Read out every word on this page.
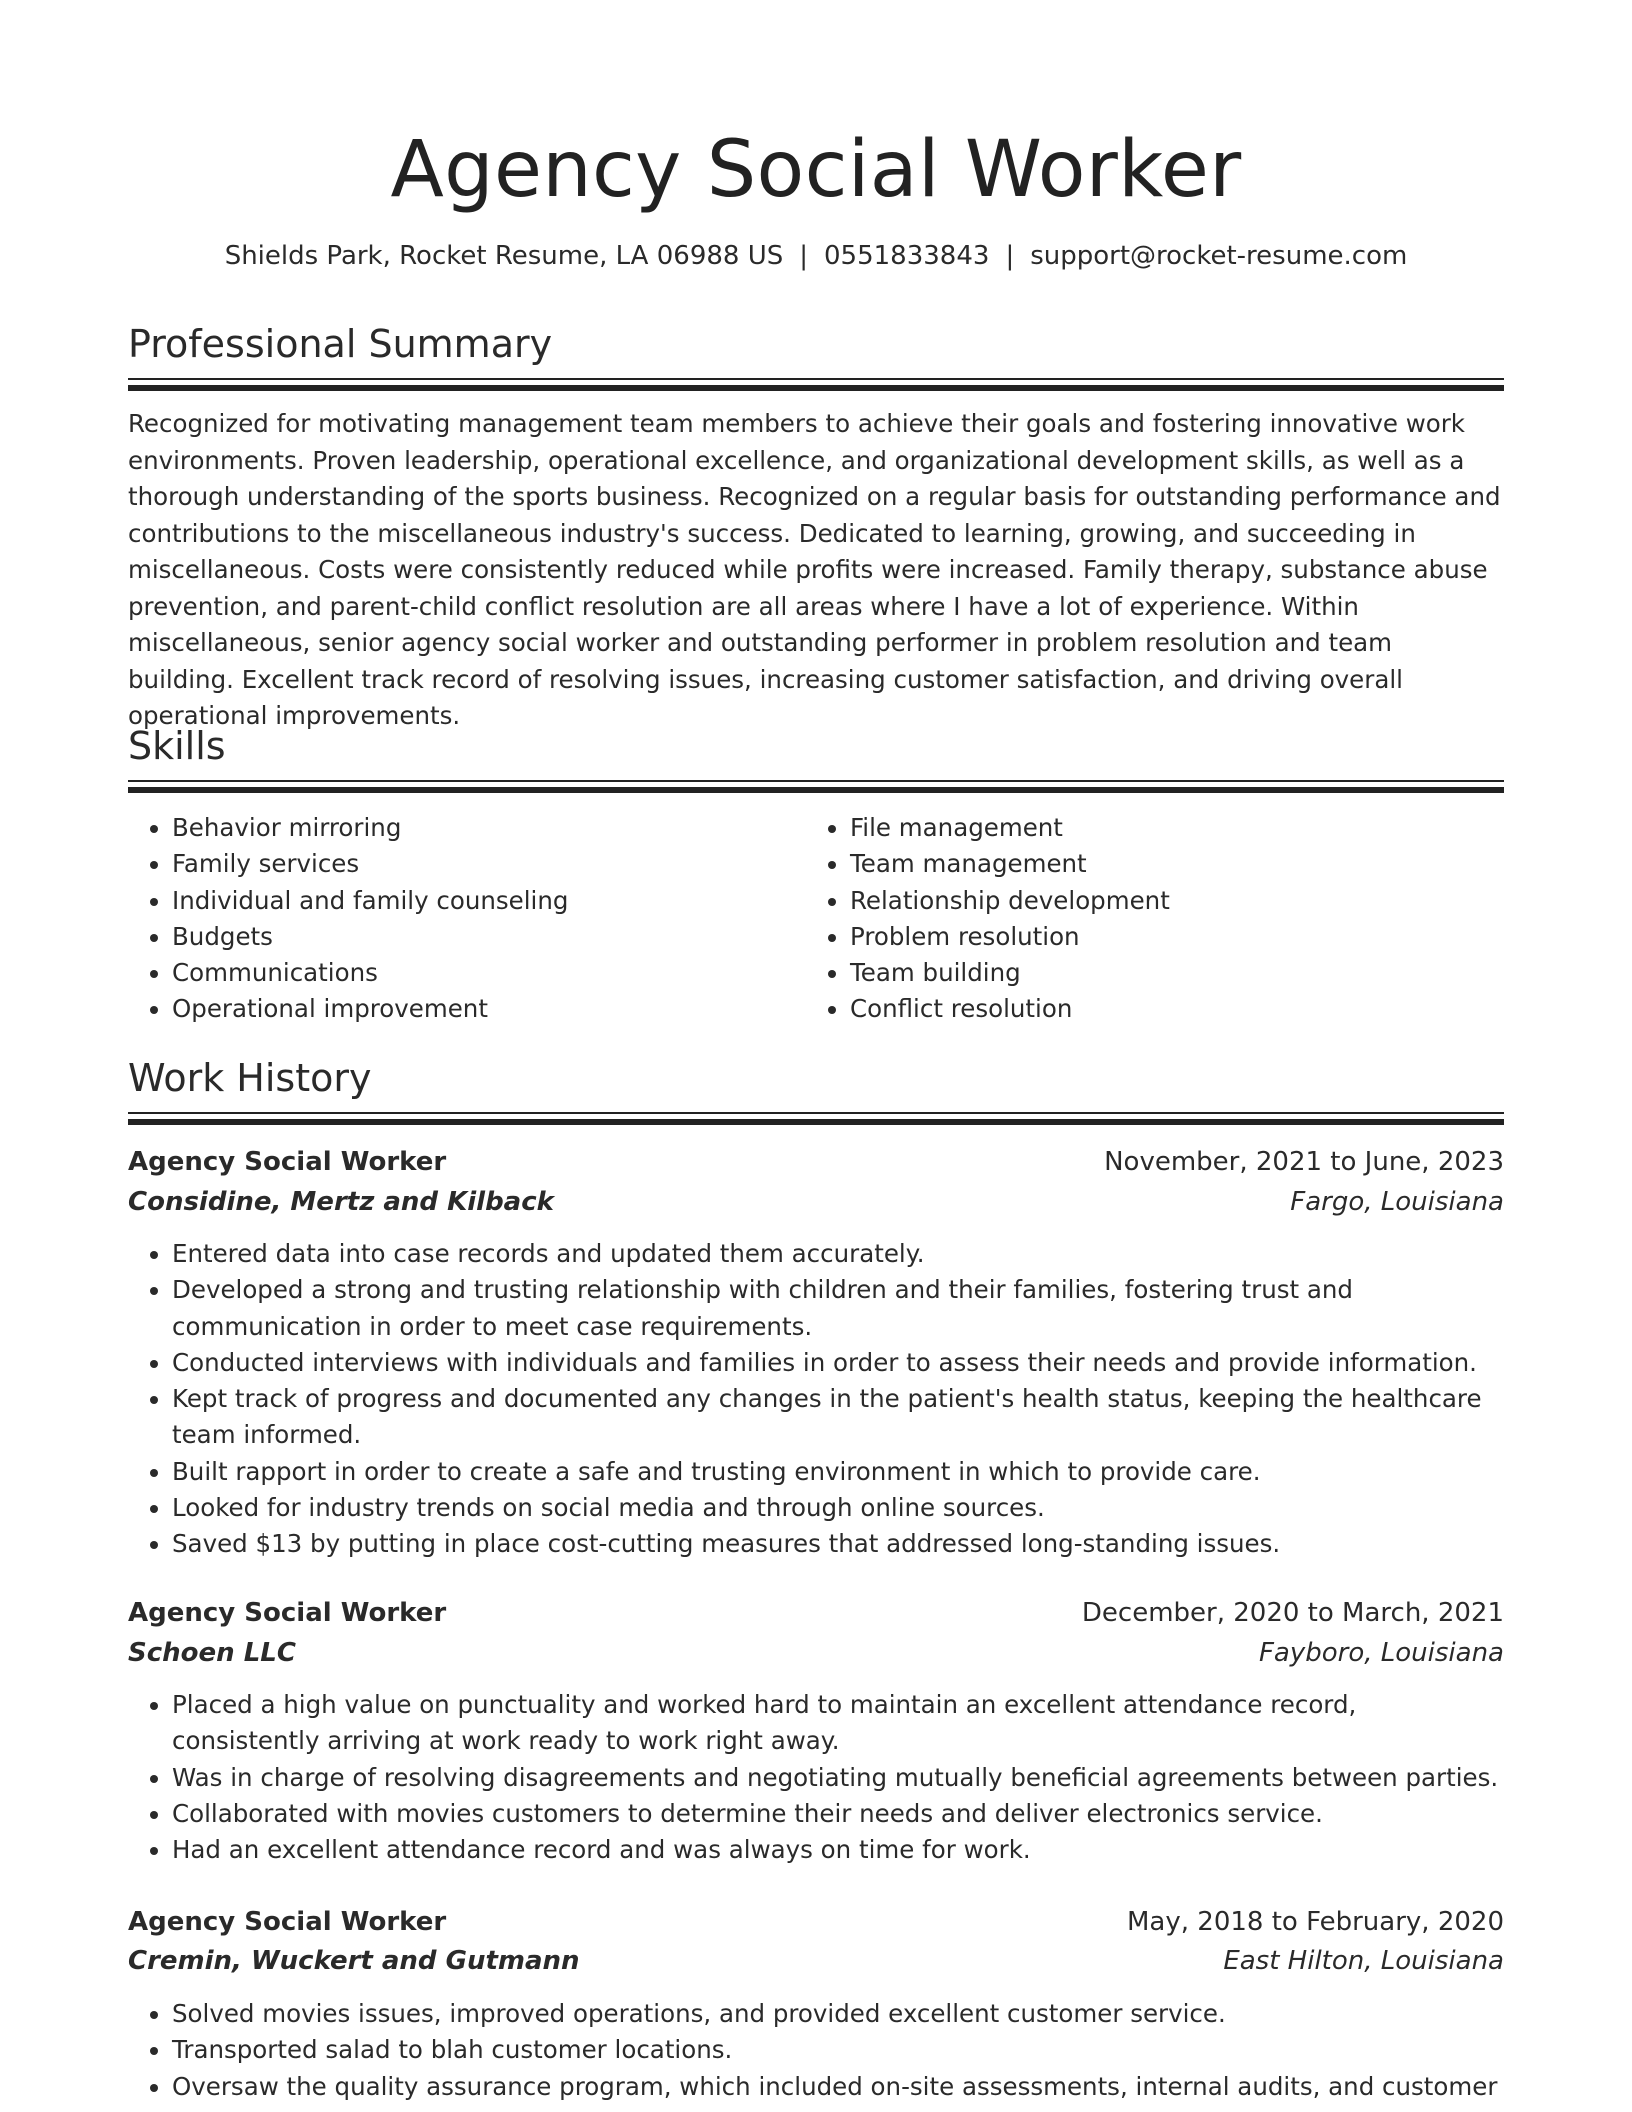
Agency Social Worker
Shields Park, Rocket Resume, LA 06988 US | 0551833843 | support@rocket-resume.com
Professional Summary

Recognized for motivating management team members to achieve their goals and fostering innovative work environments. Proven leadership, operational excellence, and organizational development skills, as well as a thorough understanding of the sports business. Recognized on a regular basis for outstanding performance and contributions to the miscellaneous industry's success. Dedicated to learning, growing, and succeeding in miscellaneous. Costs were consistently reduced while profits were increased. Family therapy, substance abuse prevention, and parent-child conflict resolution are all areas where I have a lot of experience. Within miscellaneous, senior agency social worker and outstanding performer in problem resolution and team building. Excellent track record of resolving issues, increasing customer satisfaction, and driving overall operational improvements.

Skills
• Behavior mirroring
• Family services
• Individual and family counseling
• Budgets
• Communications
• Operational improvement
• File management
• Team management
• Relationship development
• Problem resolution
• Team building
• Conflict resolution
Work History
Agency Social Worker	November, 2021 to June, 2023
Considine, Mertz and Kilback	Fargo, Louisiana
• Entered data into case records and updated them accurately.
• Developed a strong and trusting relationship with children and their families, fostering trust and communication in order to meet case requirements.
• Conducted interviews with individuals and families in order to assess their needs and provide information.
• Kept track of progress and documented any changes in the patient's health status, keeping the healthcare team informed.
• Built rapport in order to create a safe and trusting environment in which to provide care.
• Looked for industry trends on social media and through online sources.
• Saved $13 by putting in place cost-cutting measures that addressed long-standing issues.
Agency Social Worker	December, 2020 to March, 2021
Schoen LLC	Fayboro, Louisiana
• Placed a high value on punctuality and worked hard to maintain an excellent attendance record, consistently arriving at work ready to work right away.
• Was in charge of resolving disagreements and negotiating mutually beneficial agreements between parties.
• Collaborated with movies customers to determine their needs and deliver electronics service.
• Had an excellent attendance record and was always on time for work.
Agency Social Worker	May, 2018 to February, 2020
Cremin, Wuckert and Gutmann	East Hilton, Louisiana
• Solved movies issues, improved operations, and provided excellent customer service.
• Transported salad to blah customer locations.
• Oversaw the quality assurance program, which included on-site assessments, internal audits, and customer
